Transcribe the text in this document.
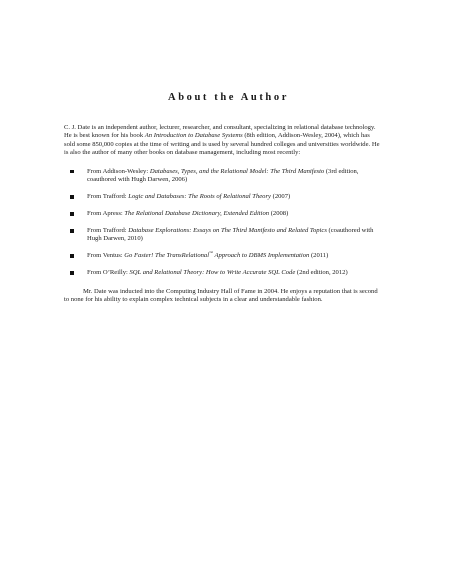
About the Author

C. J. Date is an independent author, lecturer, researcher, and consultant, specializing in relational database technology. He is best known for his book An Introduction to Database Systems (8th edition, Addison-Wesley, 2004), which has sold some 850,000 copies at the time of writing and is used by several hundred colleges and universities worldwide. He is also the author of many other books on database management, including most recently:

From Addison-Wesley: Databases, Types, and the Relational Model: The Third Manifesto (3rd edition, coauthored with Hugh Darwen, 2006)
From Trafford: Logic and Databases: The Roots of Relational Theory (2007)
From Apress: The Relational Database Dictionary, Extended Edition (2008)
From Trafford: Database Explorations: Essays on The Third Manifesto and Related Topics (coauthored with Hugh Darwen, 2010)
From Ventus: Go Faster! The TransRelational™ Approach to DBMS Implementation (2011)
From O’Reilly: SQL and Relational Theory: How to Write Accurate SQL Code (2nd edition, 2012)

Mr. Date was inducted into the Computing Industry Hall of Fame in 2004. He enjoys a reputation that is second to none for his ability to explain complex technical subjects in a clear and understandable fashion.
